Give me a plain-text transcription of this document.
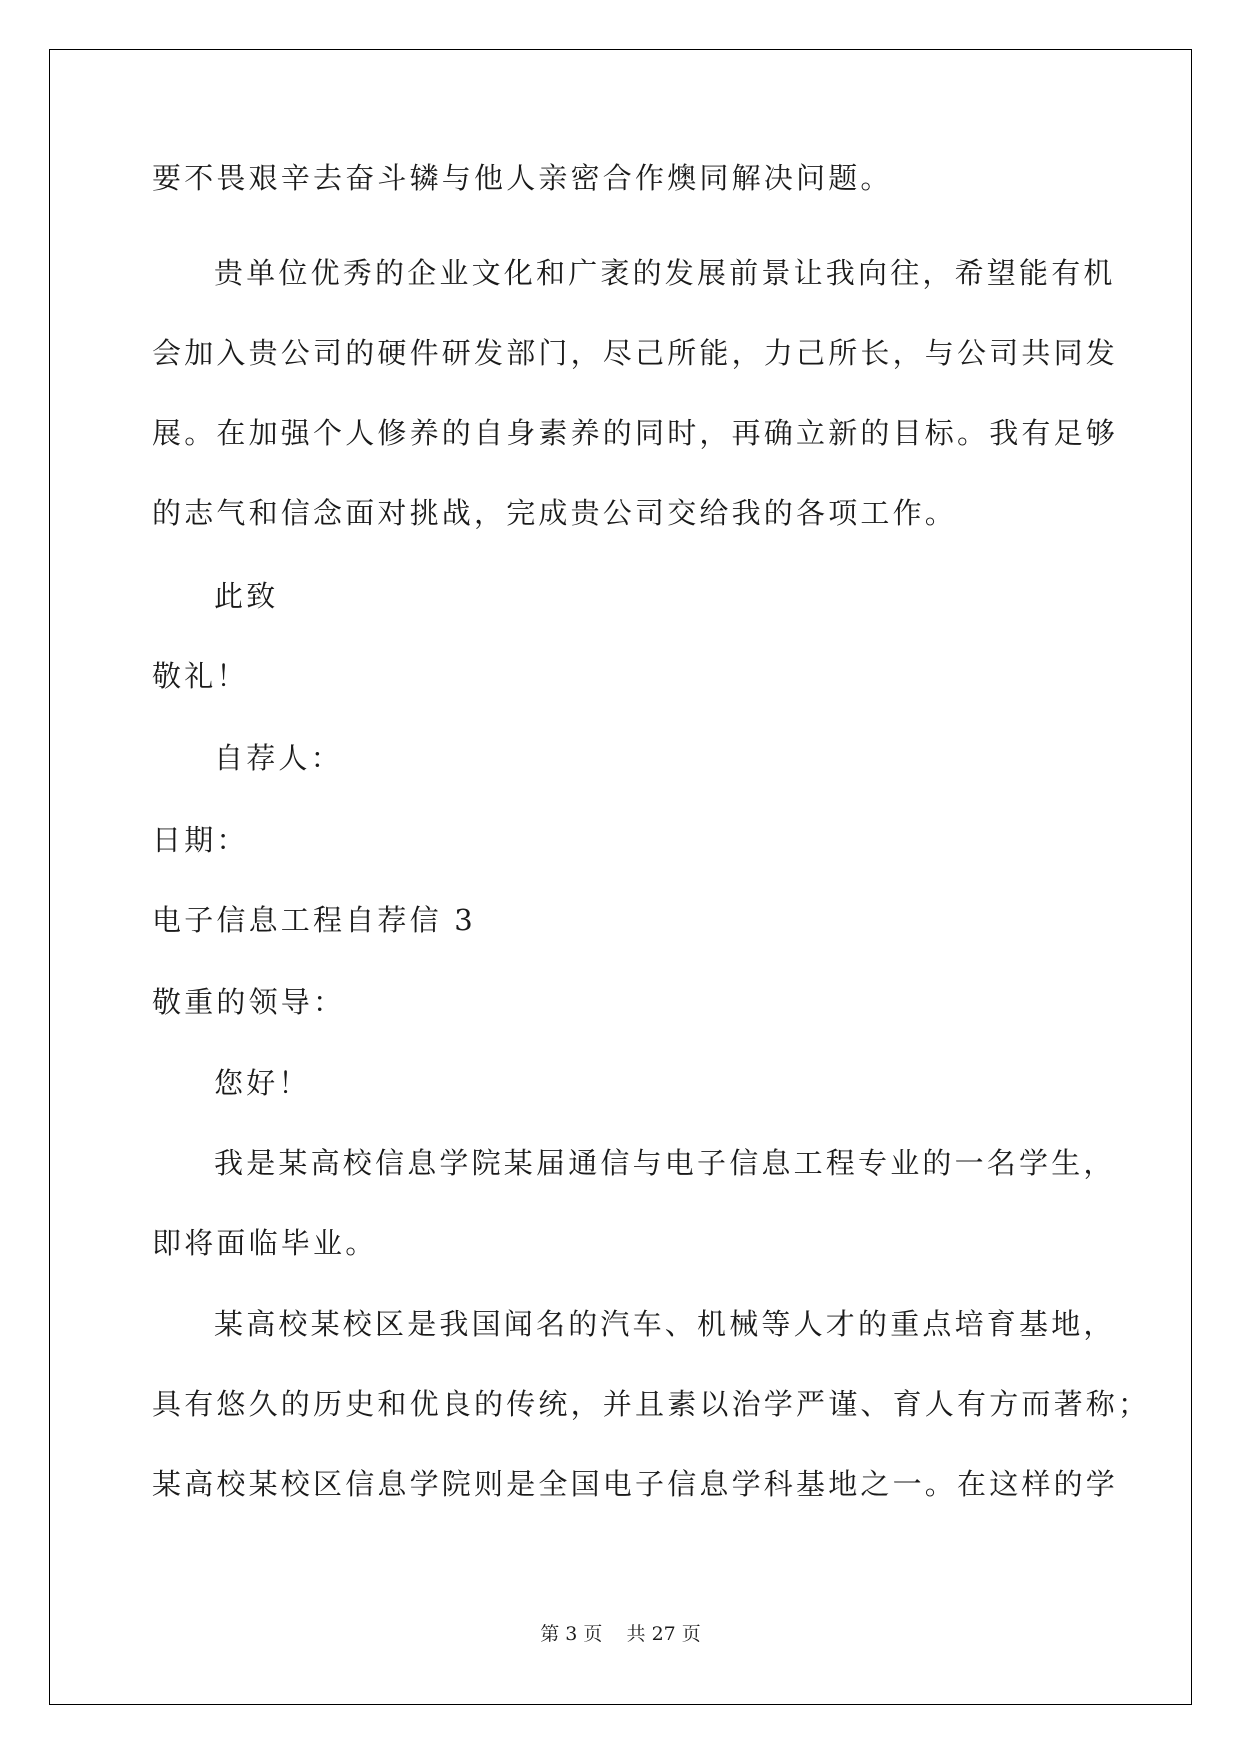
要不畏艰辛去奋斗辚与他人亲密合作燠同解决问题。
贵单位优秀的企业文化和广袤的发展前景让我向往，希望能有机
会加入贵公司的硬件研发部门，尽己所能，力己所长，与公司共同发
展。在加强个人修养的自身素养的同时，再确立新的目标。我有足够
的志气和信念面对挑战，完成贵公司交给我的各项工作。
此致
敬礼！
自荐人：
日期：
电子信息工程自荐信 3
敬重的领导：
您好！
我是某高校信息学院某届通信与电子信息工程专业的一名学生，
即将面临毕业。
某高校某校区是我国闻名的汽车、机械等人才的重点培育基地，
具有悠久的历史和优良的传统，并且素以治学严谨、育人有方而著称；
某高校某校区信息学院则是全国电子信息学科基地之一。在这样的学
第 3 页 共 27 页
